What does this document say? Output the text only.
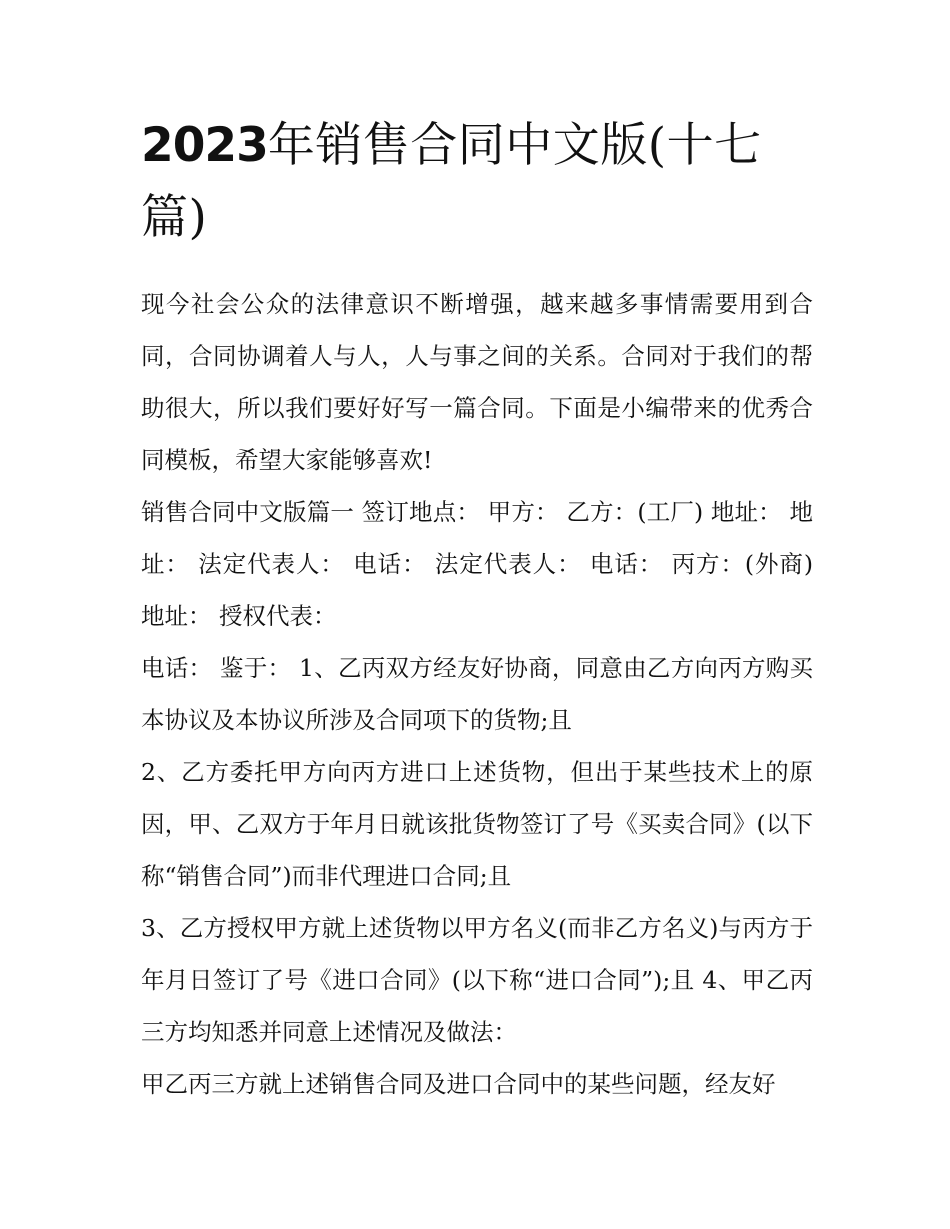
2023年销售合同中文版(十七篇)

现今社会公众的法律意识不断增强，越来越多事情需要用到合同，合同协调着人与人，人与事之间的关系。合同对于我们的帮助很大，所以我们要好好写一篇合同。下面是小编带来的优秀合同模板，希望大家能够喜欢!

销售合同中文版篇一 签订地点： 甲方： 乙方：(工厂) 地址： 地址： 法定代表人： 电话： 法定代表人： 电话： 丙方：(外商) 地址： 授权代表：

电话： 鉴于： 1、乙丙双方经友好协商，同意由乙方向丙方购买本协议及本协议所涉及合同项下的货物;且

2、乙方委托甲方向丙方进口上述货物，但出于某些技术上的原因，甲、乙双方于年月日就该批货物签订了号《买卖合同》(以下称“销售合同”)而非代理进口合同;且

3、乙方授权甲方就上述货物以甲方名义(而非乙方名义)与丙方于年月日签订了号《进口合同》(以下称“进口合同”);且 4、甲乙丙三方均知悉并同意上述情况及做法：

甲乙丙三方就上述销售合同及进口合同中的某些问题，经友好
